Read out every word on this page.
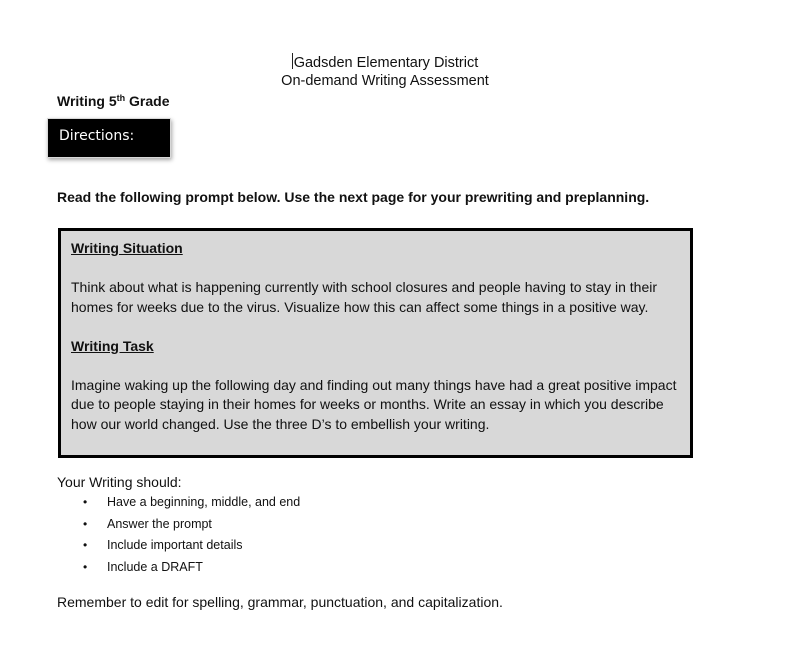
Gadsden Elementary District
On-demand Writing Assessment
Writing 5th Grade
Directions:
Read the following prompt below. Use the next page for your prewriting and preplanning.

Writing Situation

Think about what is happening currently with school closures and people having to stay in their homes for weeks due to the virus. Visualize how this can affect some things in a positive way.

Writing Task

Imagine waking up the following day and finding out many things have had a great positive impact due to people staying in their homes for weeks or months. Write an essay in which you describe how our world changed. Use the three D’s to embellish your writing.

Your Writing should:
• Have a beginning, middle, and end
• Answer the prompt
• Include important details
• Include a DRAFT
Remember to edit for spelling, grammar, punctuation, and capitalization.
